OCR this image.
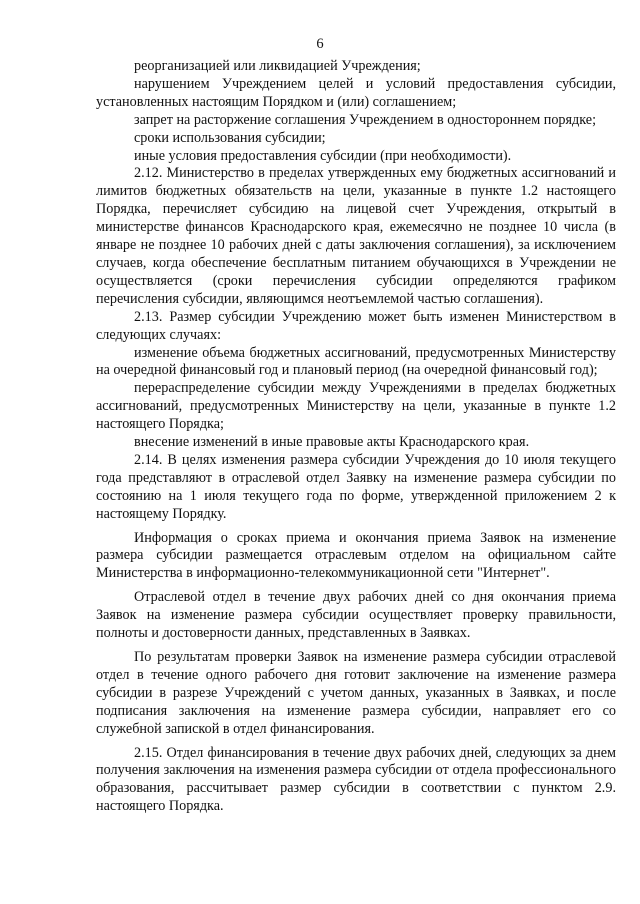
6

реорганизацией или ликвидацией Учреждения;

нарушением Учреждением целей и условий предоставления субсидии, установленных настоящим Порядком и (или) соглашением;

запрет на расторжение соглашения Учреждением в одностороннем порядке;

сроки использования субсидии;

иные условия предоставления субсидии (при необходимости).

2.12. Министерство в пределах утвержденных ему бюджетных ассигнований и лимитов бюджетных обязательств на цели, указанные в пункте 1.2 настоящего Порядка, перечисляет субсидию на лицевой счет Учреждения, открытый в министерстве финансов Краснодарского края, ежемесячно не позднее 10 числа (в январе не позднее 10 рабочих дней с даты заключения соглашения), за исключением случаев, когда обеспечение бесплатным питанием обучающихся в Учреждении не осуществляется (сроки перечисления субсидии определяются графиком перечисления субсидии, являющимся неотъемлемой частью соглашения).

2.13. Размер субсидии Учреждению может быть изменен Министерством в следующих случаях:

изменение объема бюджетных ассигнований, предусмотренных Министерству на очередной финансовый год и плановый период (на очередной финансовый год);

перераспределение субсидии между Учреждениями в пределах бюджетных ассигнований, предусмотренных Министерству на цели, указанные в пункте 1.2 настоящего Порядка;

внесение изменений в иные правовые акты Краснодарского края.

2.14. В целях изменения размера субсидии Учреждения до 10 июля текущего года представляют в отраслевой отдел Заявку на изменение размера субсидии по состоянию на 1 июля текущего года по форме, утвержденной приложением 2 к настоящему Порядку.

Информация о сроках приема и окончания приема Заявок на изменение размера субсидии размещается отраслевым отделом на официальном сайте Министерства в информационно-телекоммуникационной сети "Интернет".

Отраслевой отдел в течение двух рабочих дней со дня окончания приема Заявок на изменение размера субсидии осуществляет проверку правильности, полноты и достоверности данных, представленных в Заявках.

По результатам проверки Заявок на изменение размера субсидии отраслевой отдел в течение одного рабочего дня готовит заключение на изменение размера субсидии в разрезе Учреждений с учетом данных, указанных в Заявках, и после подписания заключения на изменение размера субсидии, направляет его со служебной запиской в отдел финансирования.

2.15. Отдел финансирования в течение двух рабочих дней, следующих за днем получения заключения на изменения размера субсидии от отдела профессионального образования, рассчитывает размер субсидии в соответствии с пунктом 2.9. настоящего Порядка.
